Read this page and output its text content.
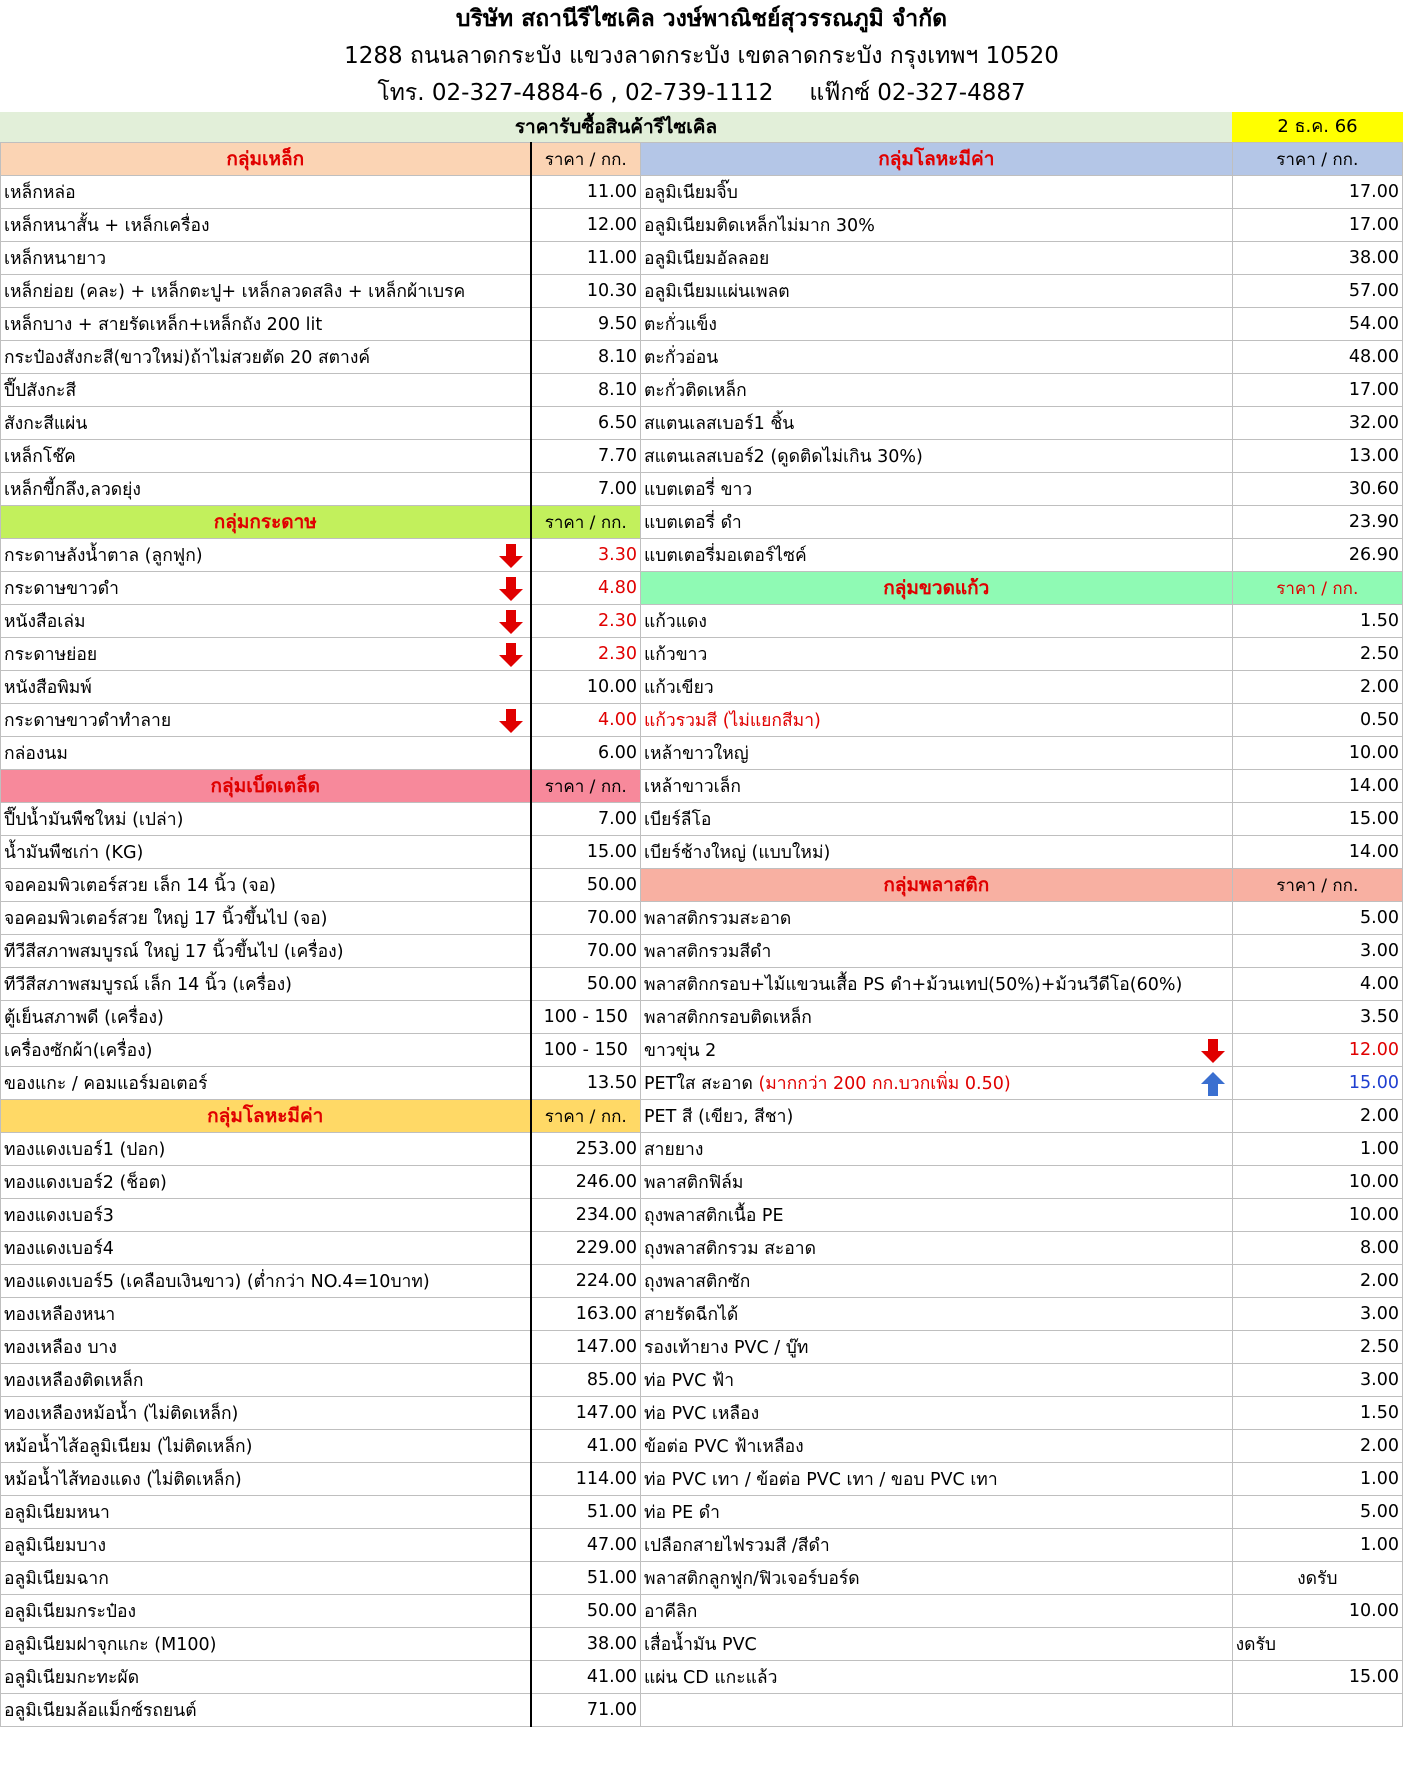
บริษัท สถานีรีไซเคิล วงษ์พาณิชย์สุวรรณภูมิ จำกัด
1288 ถนนลาดกระบัง แขวงลาดกระบัง เขตลาดกระบัง กรุงเทพฯ 10520
โทร. 02-327-4884-6 , 02-739-1112 แฟ๊กซ์ 02-327-4887
ราคารับซื้อสินค้ารีไซเคิล	2 ธ.ค. 66
กลุ่มเหล็ก	ราคา / กก.
เหล็กหล่อ	11.00
เหล็กหนาสั้น + เหล็กเครื่อง	12.00
เหล็กหนายาว	11.00
เหล็กย่อย (คละ) + เหล็กตะปู+ เหล็กลวดสลิง + เหล็กผ้าเบรค	10.30
เหล็กบาง + สายรัดเหล็ก+เหล็กถัง 200 lit	9.50
กระป๋องสังกะสี(ขาวใหม่)ถ้าไม่สวยตัด 20 สตางค์	8.10
ปี๊ปสังกะสี	8.10
สังกะสีแผ่น	6.50
เหล็กโช๊ค	7.70
เหล็กขี้กลึง,ลวดยุ่ง	7.00
กลุ่มกระดาษ	ราคา / กก.
กระดาษลังน้ำตาล (ลูกฟูก)	3.30
กระดาษขาวดำ	4.80
หนังสือเล่ม	2.30
กระดาษย่อย	2.30
หนังสือพิมพ์	10.00
กระดาษขาวดำทำลาย	4.00
กล่องนม	6.00
กลุ่มเบ็ดเตล็ด	ราคา / กก.
ปี๊ปน้ำมันพืชใหม่ (เปล่า)	7.00
น้ำมันพืชเก่า (KG)	15.00
จอคอมพิวเตอร์สวย เล็ก 14 นิ้ว (จอ)	50.00
จอคอมพิวเตอร์สวย ใหญ่ 17 นิ้วขึ้นไป (จอ)	70.00
ทีวีสีสภาพสมบูรณ์ ใหญ่ 17 นิ้วขึ้นไป (เครื่อง)	70.00
ทีวีสีสภาพสมบูรณ์ เล็ก 14 นิ้ว (เครื่อง)	50.00
ตู้เย็นสภาพดี (เครื่อง)	100 - 150
เครื่องซักผ้า(เครื่อง)	100 - 150
ของแกะ / คอมแอร์มอเตอร์	13.50
กลุ่มโลหะมีค่า	ราคา / กก.
ทองแดงเบอร์1 (ปอก)	253.00
ทองแดงเบอร์2 (ช็อต)	246.00
ทองแดงเบอร์3	234.00
ทองแดงเบอร์4	229.00
ทองแดงเบอร์5 (เคลือบเงินขาว) (ต่ำกว่า NO.4=10บาท)	224.00
ทองเหลืองหนา	163.00
ทองเหลือง บาง	147.00
ทองเหลืองติดเหล็ก	85.00
ทองเหลืองหม้อน้ำ (ไม่ติดเหล็ก)	147.00
หม้อน้ำไส้อลูมิเนียม (ไม่ติดเหล็ก)	41.00
หม้อน้ำไส้ทองแดง (ไม่ติดเหล็ก)	114.00
อลูมิเนียมหนา	51.00
อลูมิเนียมบาง	47.00
อลูมิเนียมฉาก	51.00
อลูมิเนียมกระป๋อง	50.00
อลูมิเนียมฝาจุกแกะ (M100)	38.00
อลูมิเนียมกะทะผัด	41.00
อลูมิเนียมล้อแม็กซ์รถยนต์	71.00
กลุ่มโลหะมีค่า	ราคา / กก.
อลูมิเนียมจิ๊บ	17.00
อลูมิเนียมติดเหล็กไม่มาก 30%	17.00
อลูมิเนียมอัลลอย	38.00
อลูมิเนียมแผ่นเพลต	57.00
ตะกั่วแข็ง	54.00
ตะกั่วอ่อน	48.00
ตะกั่วติดเหล็ก	17.00
สแตนเลสเบอร์1 ชิ้น	32.00
สแตนเลสเบอร์2 (ดูดติดไม่เกิน 30%)	13.00
แบตเตอรี่ ขาว	30.60
แบตเตอรี่ ดำ	23.90
แบตเตอรี่มอเตอร์ไซค์	26.90
กลุ่มขวดแก้ว	ราคา / กก.
แก้วแดง	1.50
แก้วขาว	2.50
แก้วเขียว	2.00
แก้วรวมสี (ไม่แยกสีมา)	0.50
เหล้าขาวใหญ่	10.00
เหล้าขาวเล็ก	14.00
เบียร์ลีโอ	15.00
เบียร์ช้างใหญ่ (แบบใหม่)	14.00
กลุ่มพลาสติก	ราคา / กก.
พลาสติกรวมสะอาด	5.00
พลาสติกรวมสีดำ	3.00
พลาสติกกรอบ+ไม้แขวนเสื้อ PS ดำ+ม้วนเทป(50%)+ม้วนวีดีโอ(60%)	4.00
พลาสติกกรอบติดเหล็ก	3.50
ขาวขุ่น 2	12.00
PETใส สะอาด (มากกว่า 200 กก.บวกเพิ่ม 0.50)	15.00
PET สี (เขียว, สีชา)	2.00
สายยาง	1.00
พลาสติกฟิล์ม	10.00
ถุงพลาสติกเนื้อ PE	10.00
ถุงพลาสติกรวม สะอาด	8.00
ถุงพลาสติกซัก	2.00
สายรัดฉีกได้	3.00
รองเท้ายาง PVC / บู๊ท	2.50
ท่อ PVC ฟ้า	3.00
ท่อ PVC เหลือง	1.50
ข้อต่อ PVC ฟ้าเหลือง	2.00
ท่อ PVC เทา / ข้อต่อ PVC เทา / ขอบ PVC เทา	1.00
ท่อ PE ดำ	5.00
เปลือกสายไฟรวมสี /สีดำ	1.00
พลาสติกลูกฟูก/ฟิวเจอร์บอร์ด	งดรับ
อาคีลิก	10.00
เสื่อน้ำมัน PVC	งดรับ
แผ่น CD แกะแล้ว	15.00
